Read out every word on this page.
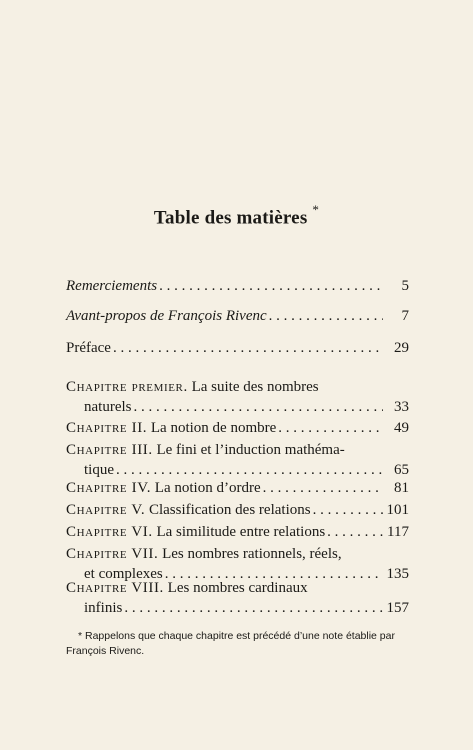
Table des matières *
Remerciements . . .	5
Avant-propos de François Rivenc . . .	7
Préface . . .	29
Chapitre premier. La suite des nombres
naturels . . .	33
Chapitre II. La notion de nombre . . .	49
Chapitre III. Le fini et l’induction mathéma-
tique . . .	65
Chapitre IV. La notion d’ordre . . .	81
Chapitre V. Classification des relations . . .	101
Chapitre VI. La similitude entre relations . . .	117
Chapitre VII. Les nombres rationnels, réels,
et complexes . . .	135
Chapitre VIII. Les nombres cardinaux
infinis . . .	157
* Rappelons que chaque chapitre est précédé d’une note établie par François Rivenc.
